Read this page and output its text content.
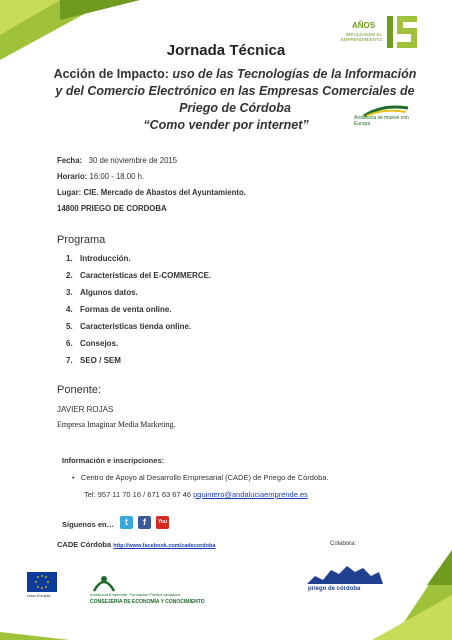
AÑOS
IMPULSANDO EL EMPRENDIMIENTO
Jornada Técnica
Acción de Impacto: uso de las Tecnologías de la Información y del Comercio Electrónico en las Empresas Comerciales de Priego de Córdoba
“Como vender por internet”	Andalucía se mueve con Europa
Fecha: 30 de noviembre de 2015
Horario: 16:00 - 18.00 h.
Lugar: CIE. Mercado de Abastos del Ayuntamiento.
14800 PRIEGO DE CORDOBA
Programa
1. Introducción.
2. Características del E-COMMERCE.
3. Algunos datos.
4. Formas de venta online.
5. Características tienda online.
6. Consejos.
7. SEO / SEM
Ponente:
JAVIER ROJAS
Empresa Imaginar Media Marketing.
Información e inscripciones:
• Centro de Apoyo al Desarrollo Empresarial (CADE) de Priego de Córdoba.
Tel: 957 11 70 16 / 671 63 67 46 pquintero@andaluciaemprende.es
Síguenos en…	t	f	You
CADE Córdoba http://www.facebook.com/cadecordoba	Colabora:
Unión Europea	Andalucía Emprende, Fundación Pública Andaluza
CONSEJERÍA DE ECONOMÍA Y CONOCIMIENTO
priego de córdoba
